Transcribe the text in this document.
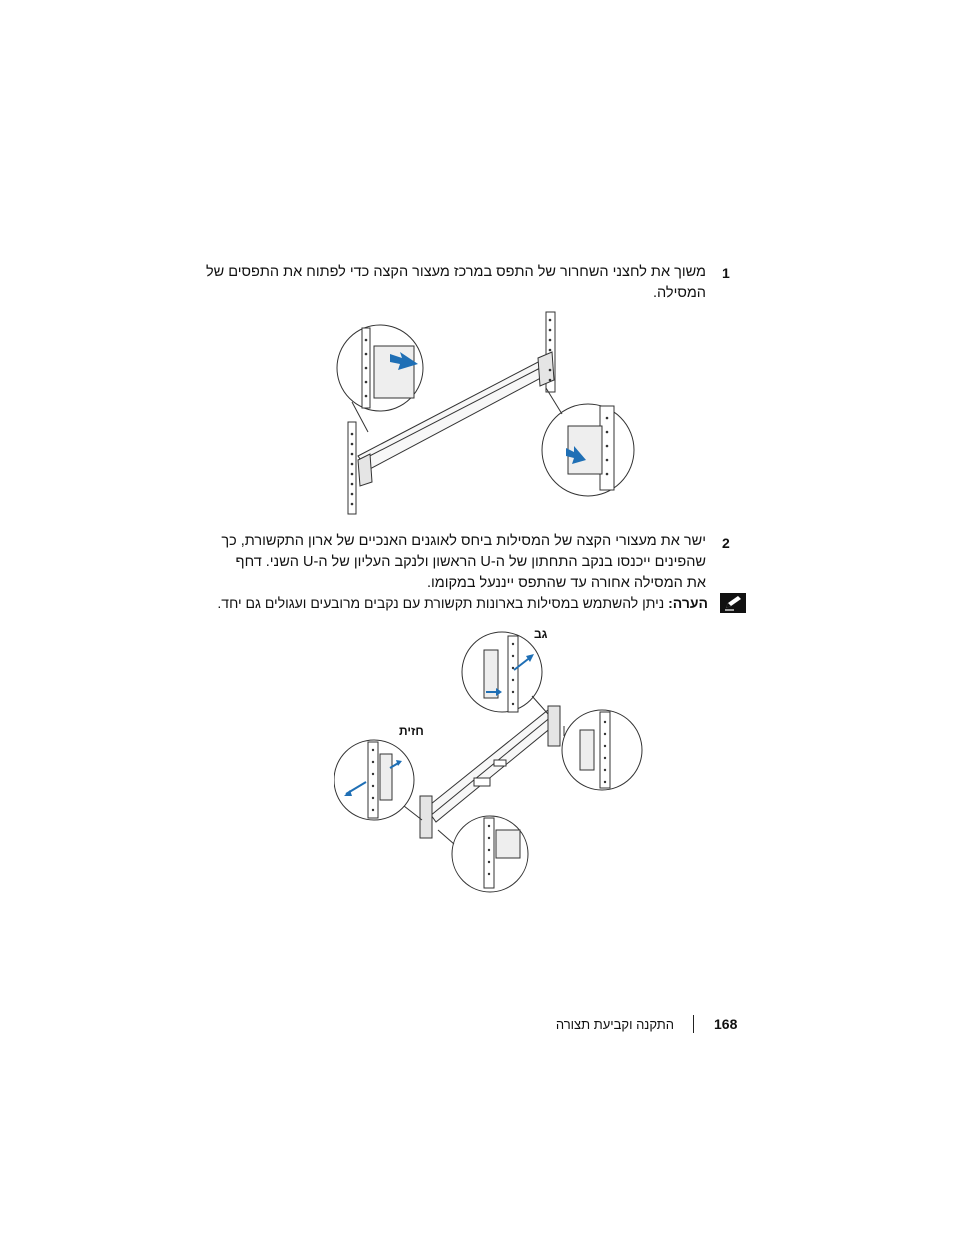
1
משוך את לחצני השחרור של התפס במרכז מעצור הקצה כדי לפתוח את התפסים של
המסילה.
2
ישר את מעצורי הקצה של המסילות ביחס לאוגנים האנכיים של ארון התקשורת, כך
שהפינים ייכנסו בנקב התחתון של ה-U הראשון ולנקב העליון של ה-U השני. דחף
את המסילה אחורה עד שהתפס ייננעל במקומו.
הערה: ניתן להשתמש במסילות בארונות תקשורת עם נקבים מרובעים ועגולים גם יחד.
גב
חזית
168
התקנה וקביעת תצורה
